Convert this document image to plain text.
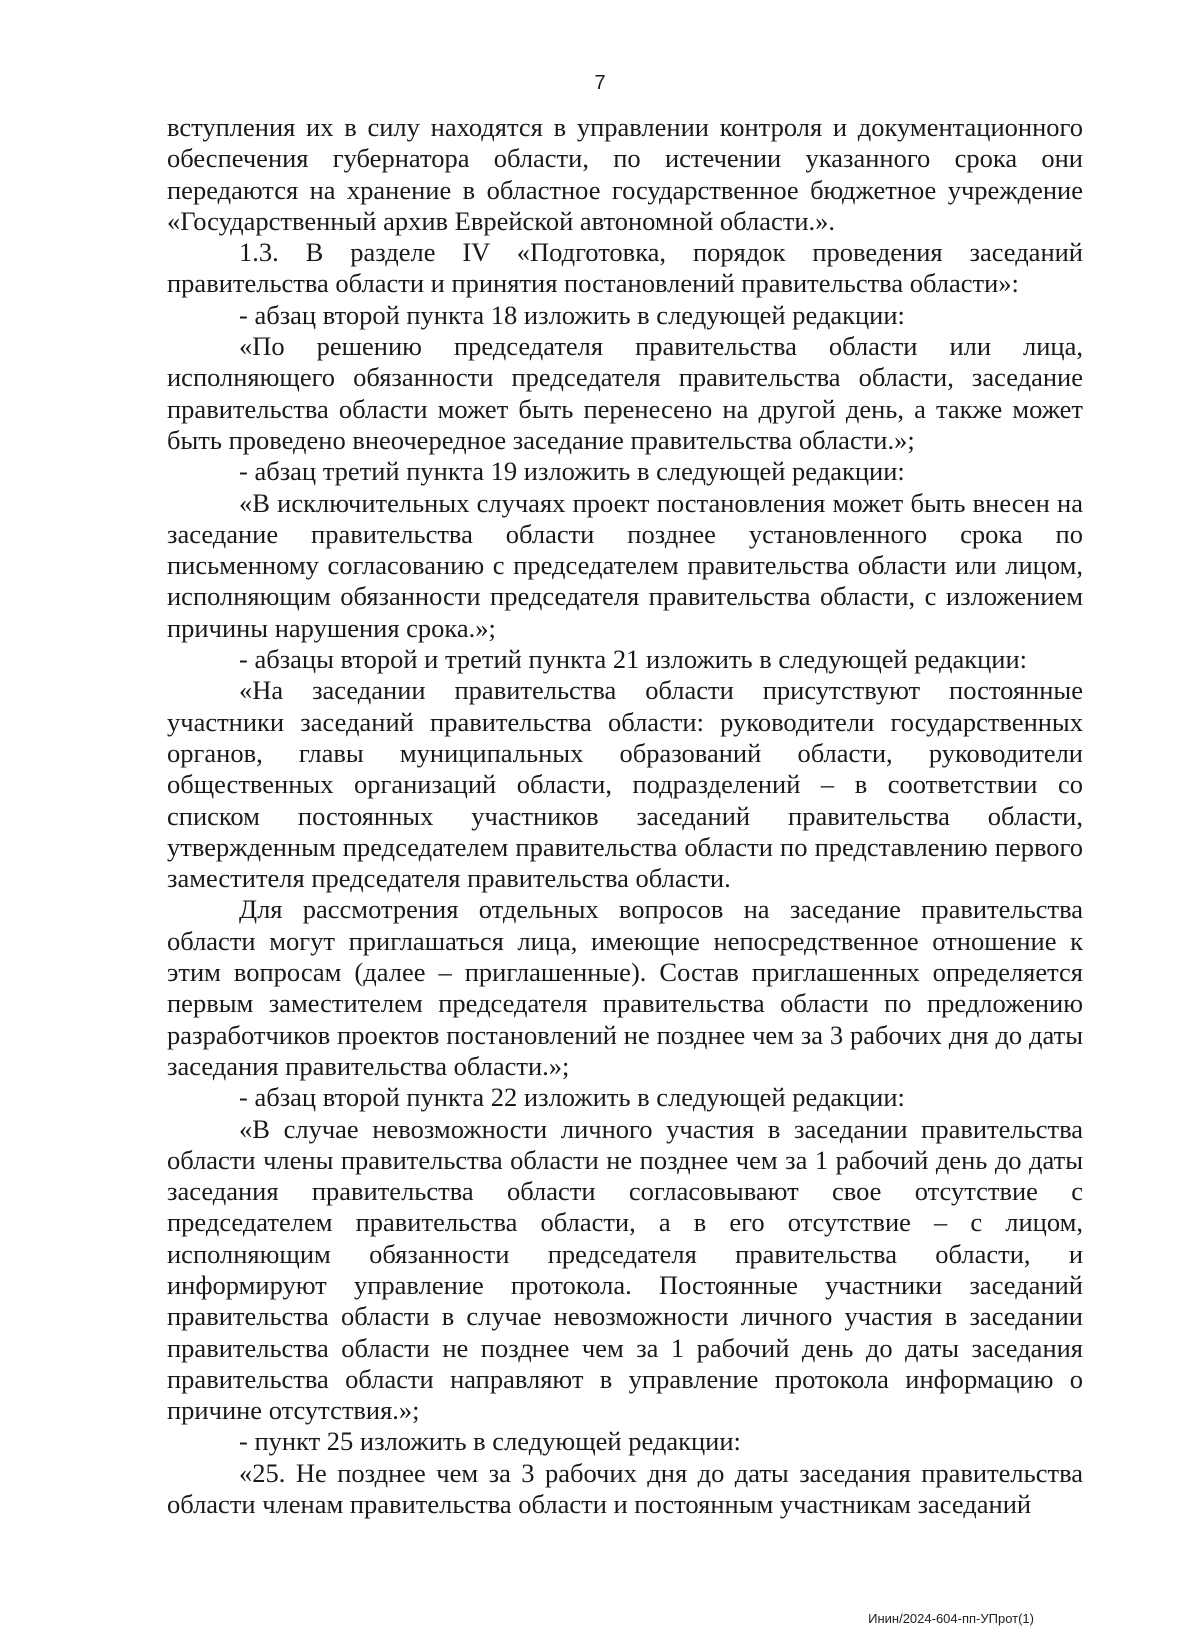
7

вступления их в силу находятся в управлении контроля и документационного обеспечения губернатора области, по истечении указанного срока они передаются на хранение в областное государственное бюджетное учреждение «Государственный архив Еврейской автономной области.».

1.3. В разделе IV «Подготовка, порядок проведения заседаний правительства области и принятия постановлений правительства области»:

- абзац второй пункта 18 изложить в следующей редакции:

«По решению председателя правительства области или лица, исполняющего обязанности председателя правительства области, заседание правительства области может быть перенесено на другой день, а также может быть проведено внеочередное заседание правительства области.»;

- абзац третий пункта 19 изложить в следующей редакции:

«В исключительных случаях проект постановления может быть внесен на заседание правительства области позднее установленного срока по письменному согласованию с председателем правительства области или лицом, исполняющим обязанности председателя правительства области, с изложением причины нарушения срока.»;

- абзацы второй и третий пункта 21 изложить в следующей редакции:

«На заседании правительства области присутствуют постоянные участники заседаний правительства области: руководители государственных органов, главы муниципальных образований области, руководители общественных организаций области, подразделений – в соответствии со списком постоянных участников заседаний правительства области, утвержденным председателем правительства области по представлению первого заместителя председателя правительства области.

Для рассмотрения отдельных вопросов на заседание правительства области могут приглашаться лица, имеющие непосредственное отношение к этим вопросам (далее – приглашенные). Состав приглашенных определяется первым заместителем председателя правительства области по предложению разработчиков проектов постановлений не позднее чем за 3 рабочих дня до даты заседания правительства области.»;

- абзац второй пункта 22 изложить в следующей редакции:

«В случае невозможности личного участия в заседании правительства области члены правительства области не позднее чем за 1 рабочий день до даты заседания правительства области согласовывают свое отсутствие с председателем правительства области, а в его отсутствие – с лицом, исполняющим обязанности председателя правительства области, и информируют управление протокола. Постоянные участники заседаний правительства области в случае невозможности личного участия в заседании правительства области не позднее чем за 1 рабочий день до даты заседания правительства области направляют в управление протокола информацию о причине отсутствия.»;

- пункт 25 изложить в следующей редакции:

«25. Не позднее чем за 3 рабочих дня до даты заседания правительства области членам правительства области и постоянным участникам заседаний

Инин/2024-604-пп-УПрот(1)
